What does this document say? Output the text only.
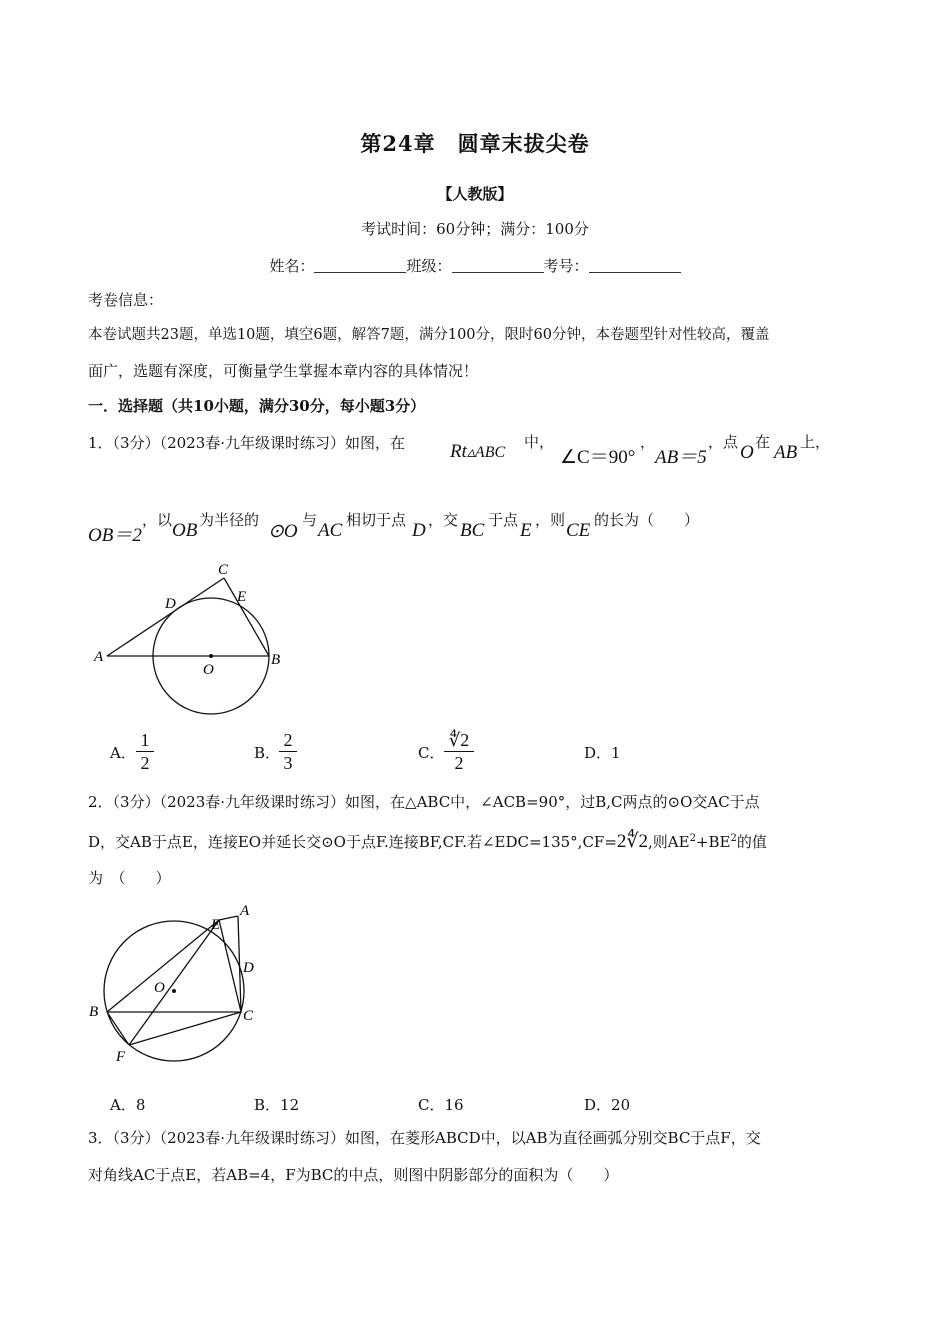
第24章　圆章末拔尖卷
【人教版】
考试时间：60分钟；满分：100分
姓名：	班级：	考号：
考卷信息：
本卷试题共23题，单选10题，填空6题，解答7题，满分100分，限时60分钟，本卷题型针对性较高，覆盖
面广，选题有深度，可衡量学生掌握本章内容的具体情况！
一．选择题（共10小题，满分30分，每小题3分）
1．（3分）（2023春·九年级课时练习）如图，在 Rt▵ABC
中，
∠C＝90°
，
AB＝5
，点 O 在 AB 上，
OB＝2
，以 OB 为半径的
⊙O
与 AC 相切于点 D ，交 BC 于点 E ，则 CE 的长为（　　）
A	B
C
D	E
O
A．
1
2	B．
2
3	C．
∜2
2	D．1
2．（3分）（2023春·九年级课时练习）如图，在△ABC中，∠ACB=90°，过B,C两点的⊙O交AC于点
D，交AB于点E，连接EO并延长交⊙O于点F.连接BF,CF.若∠EDC=135°,CF=2∜2,则$AE^2+BE^2$的值
为　（　　）
A
B	C
D
E
F
O
A．8	B．12	C．16	D．20
3．（3分）（2023春·九年级课时练习）如图，在菱形ABCD中，以AB为直径画弧分别交BC于点F，交
对角线AC于点E，若AB=4，F为BC的中点，则图中阴影部分的面积为（　　）
